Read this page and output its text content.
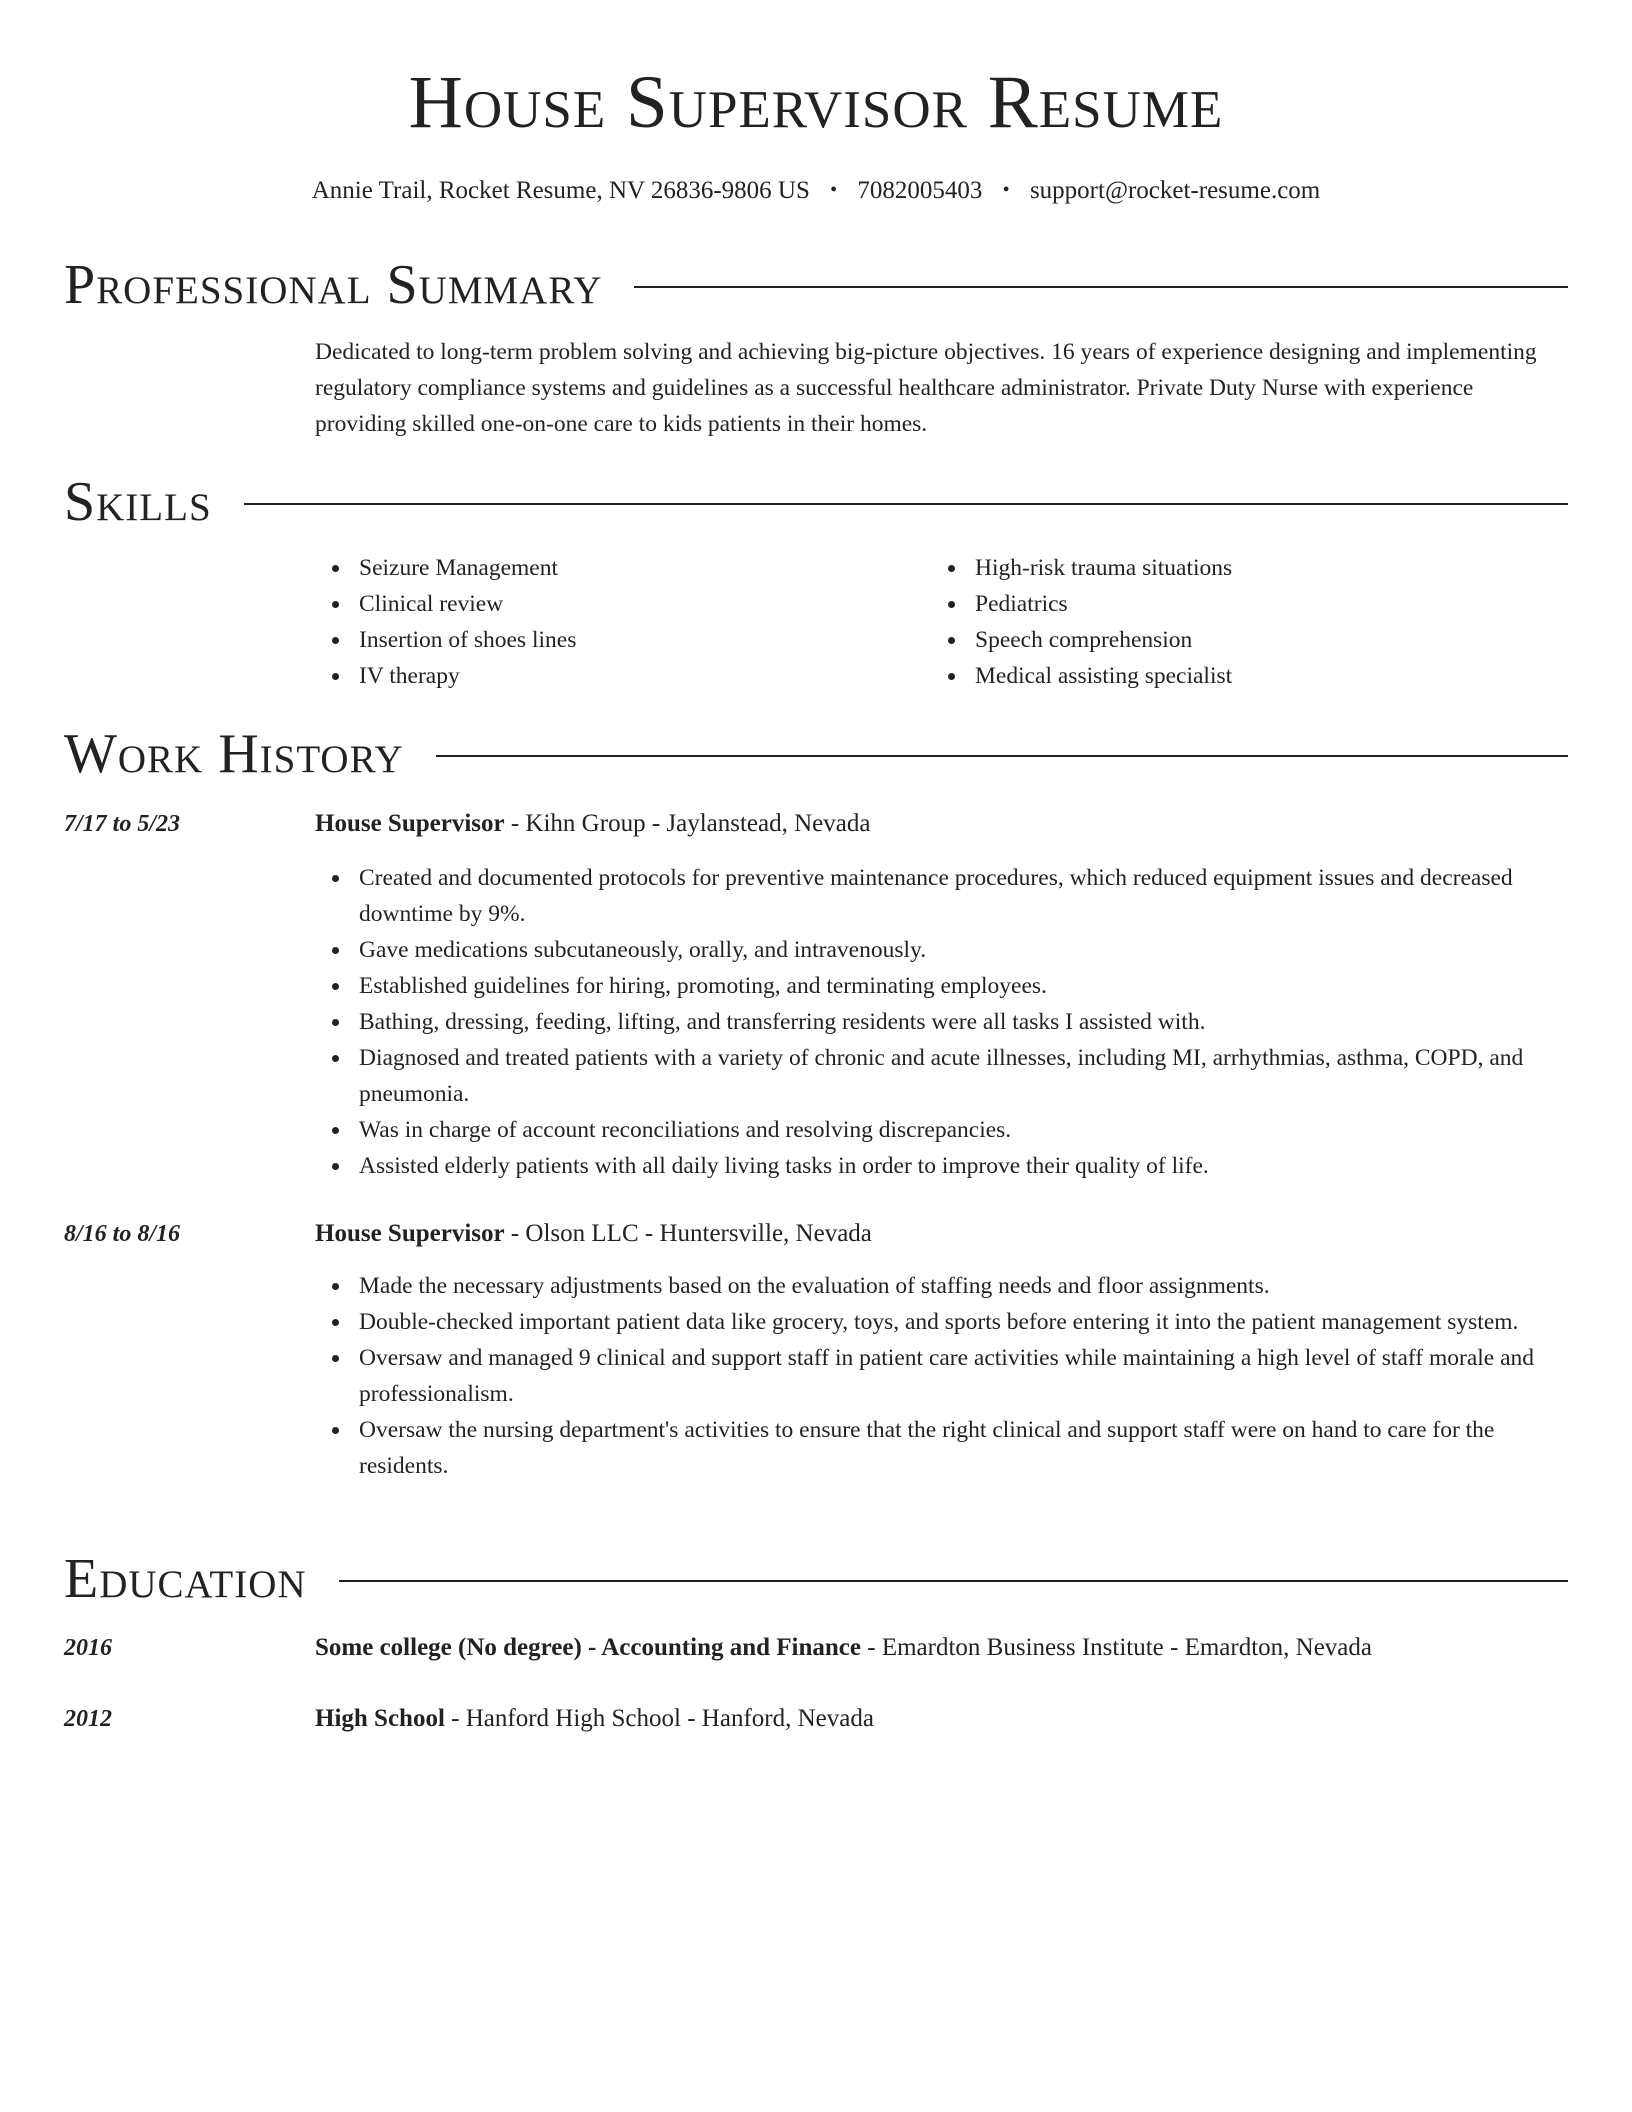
House Supervisor Resume
Annie Trail, Rocket Resume, NV 26836-9806 US • 7082005403 • support@rocket-resume.com
Professional Summary

Dedicated to long-term problem solving and achieving big-picture objectives. 16 years of experience designing and implementing regulatory compliance systems and guidelines as a successful healthcare administrator. Private Duty Nurse with experience providing skilled one-on-one care to kids patients in their homes.

Skills
Seizure Management
Clinical review
Insertion of shoes lines
IV therapy
High-risk trauma situations
Pediatrics
Speech comprehension
Medical assisting specialist
Work History
7/17 to 5/23	House Supervisor - Kihn Group - Jaylanstead, Nevada
Created and documented protocols for preventive maintenance procedures, which reduced equipment issues and decreased downtime by 9%.
Gave medications subcutaneously, orally, and intravenously.
Established guidelines for hiring, promoting, and terminating employees.
Bathing, dressing, feeding, lifting, and transferring residents were all tasks I assisted with.
Diagnosed and treated patients with a variety of chronic and acute illnesses, including MI, arrhythmias, asthma, COPD, and pneumonia.
Was in charge of account reconciliations and resolving discrepancies.
Assisted elderly patients with all daily living tasks in order to improve their quality of life.
8/16 to 8/16	House Supervisor - Olson LLC - Huntersville, Nevada
Made the necessary adjustments based on the evaluation of staffing needs and floor assignments.
Double-checked important patient data like grocery, toys, and sports before entering it into the patient management system.
Oversaw and managed 9 clinical and support staff in patient care activities while maintaining a high level of staff morale and professionalism.
Oversaw the nursing department's activities to ensure that the right clinical and support staff were on hand to care for the residents.
Education
2016	Some college (No degree) - Accounting and Finance - Emardton Business Institute - Emardton, Nevada
2012	High School - Hanford High School - Hanford, Nevada
